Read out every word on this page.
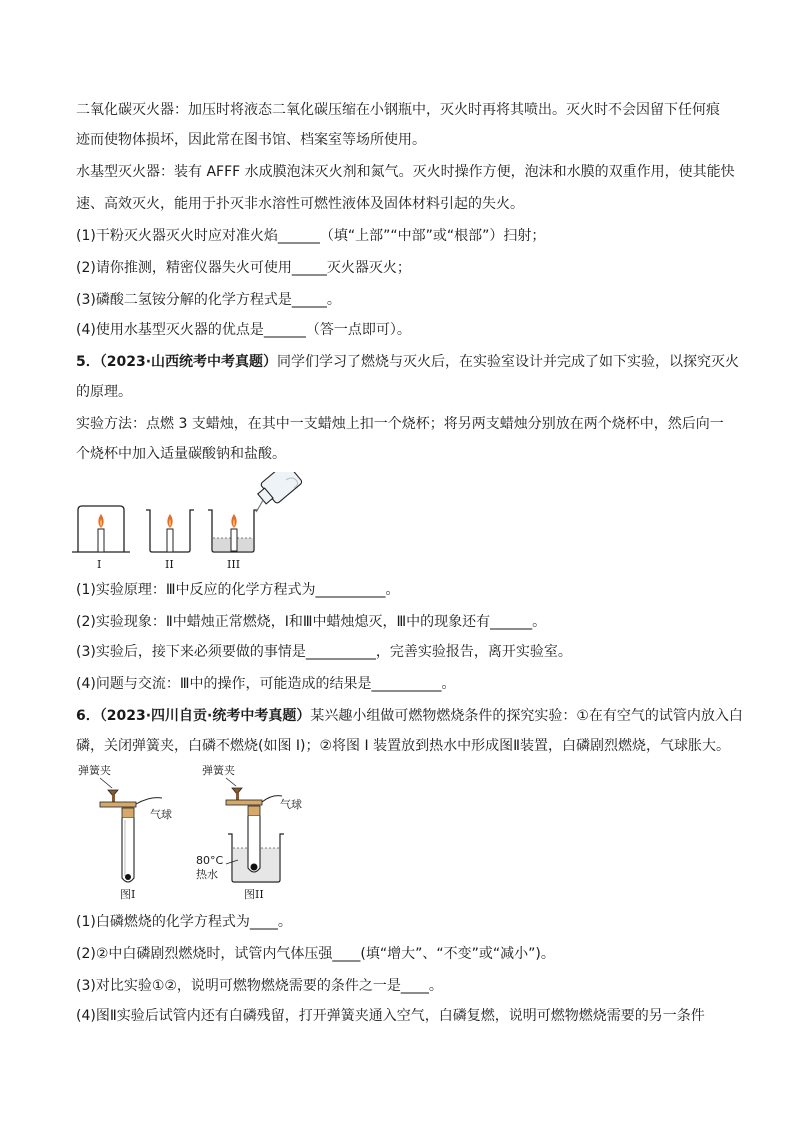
二氧化碳灭火器：加压时将液态二氧化碳压缩在小钢瓶中，灭火时再将其喷出。灭火时不会因留下任何痕
迹而使物体损坏，因此常在图书馆、档案室等场所使用。
水基型灭火器：装有 AFFF 水成膜泡沫灭火剂和氮气。灭火时操作方便，泡沫和水膜的双重作用，使其能快
速、高效灭火，能用于扑灭非水溶性可燃性液体及固体材料引起的失火。
(1)干粉灭火器灭火时应对准火焰______（填“上部”“中部”或“根部”）扫射；
(2)请你推测，精密仪器失火可使用_____灭火器灭火；
(3)磷酸二氢铵分解的化学方程式是_____。
(4)使用水基型灭火器的优点是______（答一点即可）。
5．（2023·山西统考中考真题）同学们学习了燃烧与灭火后，在实验室设计并完成了如下实验，以探究灭火
的原理。
实验方法：点燃 3 支蜡烛，在其中一支蜡烛上扣一个烧杯；将另两支蜡烛分别放在两个烧杯中，然后向一
个烧杯中加入适量碳酸钠和盐酸。
I	II	III
(1)实验原理：Ⅲ中反应的化学方程式为__________。
(2)实验现象：Ⅱ中蜡烛正常燃烧，Ⅰ和Ⅲ中蜡烛熄灭，Ⅲ中的现象还有______。
(3)实验后，接下来必须要做的事情是__________，完善实验报告，离开实验室。
(4)问题与交流：Ⅲ中的操作，可能造成的结果是__________。
6．（2023·四川自贡·统考中考真题）某兴趣小组做可燃物燃烧条件的探究实验：①在有空气的试管内放入白
磷，关闭弹簧夹，白磷不燃烧(如图 I)；②将图 I 装置放到热水中形成图Ⅱ装置，白磷剧烈燃烧，气球胀大。
弹簧夹
气球
图I
弹簧夹
气球
80°C
热水
图II
(1)白磷燃烧的化学方程式为____。
(2)②中白磷剧烈燃烧时，试管内气体压强____(填“增大”、“不变”或“减小”)。
(3)对比实验①②，说明可燃物燃烧需要的条件之一是____。
(4)图Ⅱ实验后试管内还有白磷残留，打开弹簧夹通入空气，白磷复燃，说明可燃物燃烧需要的另一条件
